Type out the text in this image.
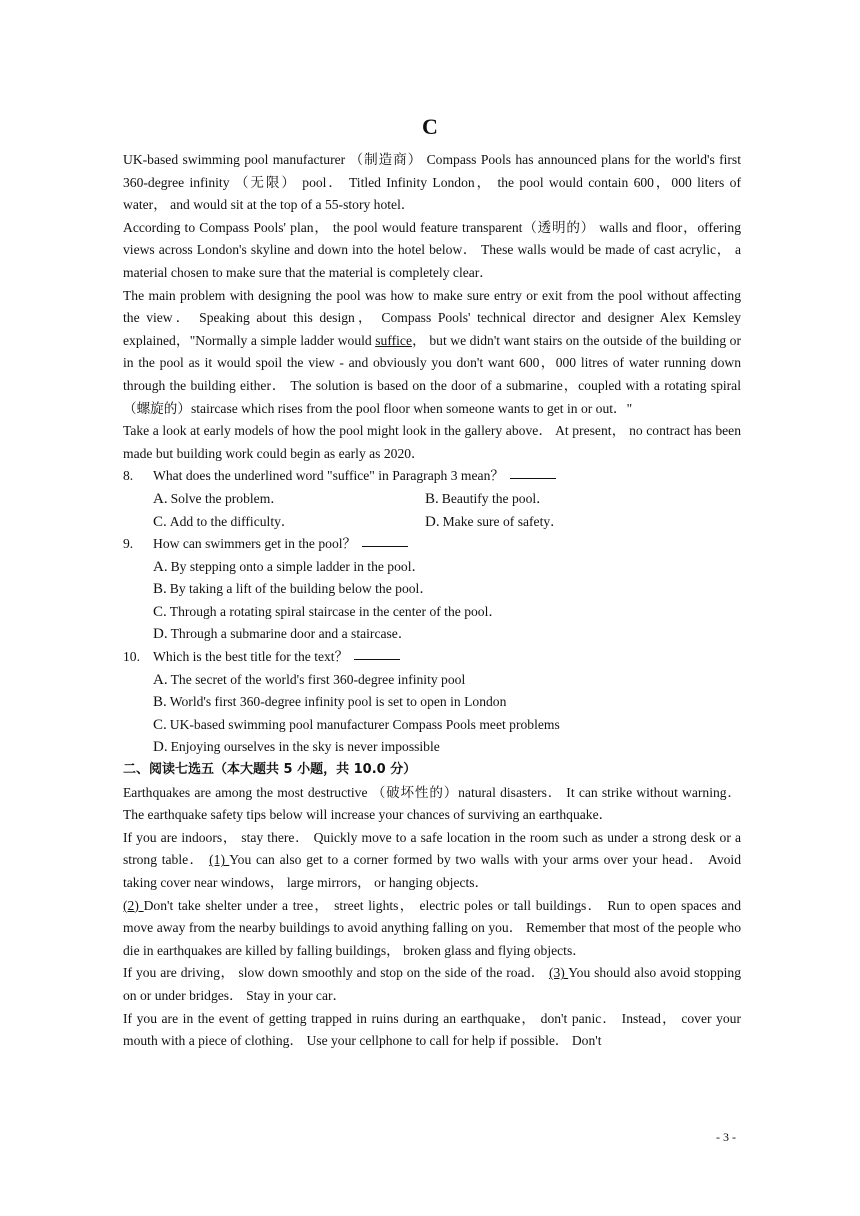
C

UK-based swimming pool manufacturer （制造商） Compass Pools has announced plans for the world's first 360-degree infinity （无限） pool． Titled Infinity London， the pool would contain 600，000 liters of water， and would sit at the top of a 55-story hotel．

According to Compass Pools' plan， the pool would feature transparent（透明的） walls and floor，offering views across London's skyline and down into the hotel below． These walls would be made of cast acrylic， a material chosen to make sure that the material is completely clear．

The main problem with designing the pool was how to make sure entry or exit from the pool without affecting the view． Speaking about this design， Compass Pools' technical director and designer Alex Kemsley explained，"Normally a simple ladder would suffice， but we didn't want stairs on the outside of the building or in the pool as it would spoil the view - and obviously you don't want 600，000 litres of water running down through the building either． The solution is based on the door of a submarine，coupled with a rotating spiral（螺旋的）staircase which rises from the pool floor when someone wants to get in or out．"

Take a look at early models of how the pool might look in the gallery above． At present， no contract has been made but building work could begin as early as 2020．

8.	What does the underlined word "suffice" in Paragraph 3 mean？
A. Solve the problem．	B. Beautify the pool．
C. Add to the difficulty．	D. Make sure of safety．
9.	How can swimmers get in the pool？
A. By stepping onto a simple ladder in the pool．
B. By taking a lift of the building below the pool．
C. Through a rotating spiral staircase in the center of the pool．
D. Through a submarine door and a staircase．
10. Which is the best title for the text？
A. The secret of the world's first 360-degree infinity pool
B. World's first 360-degree infinity pool is set to open in London
C. UK-based swimming pool manufacturer Compass Pools meet problems
D. Enjoying ourselves in the sky is never impossible

二、阅读七选五（本大题共 5 小题，共 10.0 分）

Earthquakes are among the most destructive （破坏性的）natural disasters． It can strike without warning． The earthquake safety tips below will increase your chances of surviving an earthquake．

If you are indoors， stay there． Quickly move to a safe location in the room such as under a strong desk or a strong table． (1) You can also get to a corner formed by two walls with your arms over your head． Avoid taking cover near windows， large mirrors， or hanging objects．

(2) Don't take shelter under a tree， street lights， electric poles or tall buildings． Run to open spaces and move away from the nearby buildings to avoid anything falling on you． Remember that most of the people who die in earthquakes are killed by falling buildings， broken glass and flying objects．

If you are driving， slow down smoothly and stop on the side of the road． (3) You should also avoid stopping on or under bridges． Stay in your car．

If you are in the event of getting trapped in ruins during an earthquake， don't panic． Instead， cover your mouth with a piece of clothing． Use your cellphone to call for help if possible． Don't

- 3 -
